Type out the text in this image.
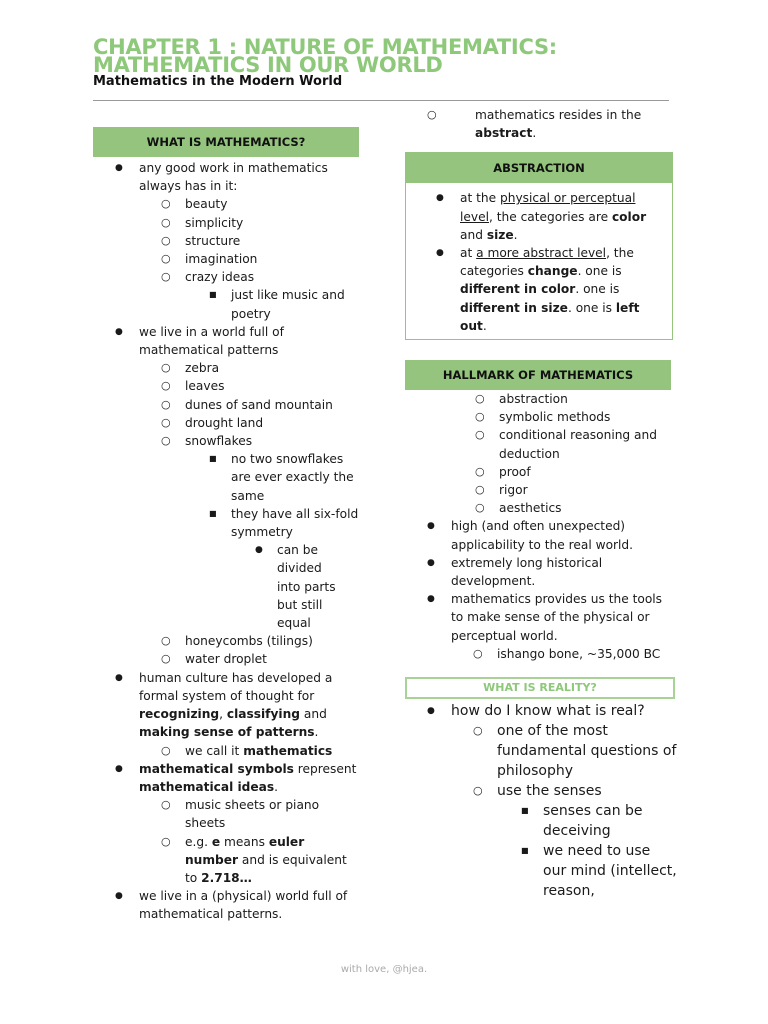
CHAPTER 1 : NATURE OF MATHEMATICS:
MATHEMATICS IN OUR WORLD
Mathematics in the Modern World
WHAT IS MATHEMATICS?
● any good work in mathematics always has in it:
○ beauty
○ simplicity
○ structure
○ imagination
○ crazy ideas
■ just like music and poetry
● we live in a world full of mathematical patterns
○ zebra
○ leaves
○ dunes of sand mountain
○ drought land
○ snowflakes
■ no two snowflakes are ever exactly the same
■ they have all six-fold symmetry
● can be divided into parts but still equal
○ honeycombs (tilings)
○ water droplet
● human culture has developed a formal system of thought for recognizing, classifying and making sense of patterns.
○ we call it mathematics
● mathematical symbols represent mathematical ideas.
○ music sheets or piano sheets
○ e.g. e means euler number and is equivalent to 2.718…
● we live in a (physical) world full of mathematical patterns.
○ mathematics resides in the abstract.
ABSTRACTION
● at the physical or perceptual level, the categories are color and size.
● at a more abstract level, the categories change. one is different in color. one is different in size. one is left out.
HALLMARK OF MATHEMATICS
○ abstraction
○ symbolic methods
○ conditional reasoning and deduction
○ proof
○ rigor
○ aesthetics
● high (and often unexpected) applicability to the real world.
● extremely long historical development.
● mathematics provides us the tools to make sense of the physical or perceptual world.
○ ishango bone, ~35,000 BC
WHAT IS REALITY?
● how do I know what is real?
○ one of the most fundamental questions of philosophy
○ use the senses
■ senses can be deceiving
■ we need to use our mind (intellect, reason,
with love, @hjea.
